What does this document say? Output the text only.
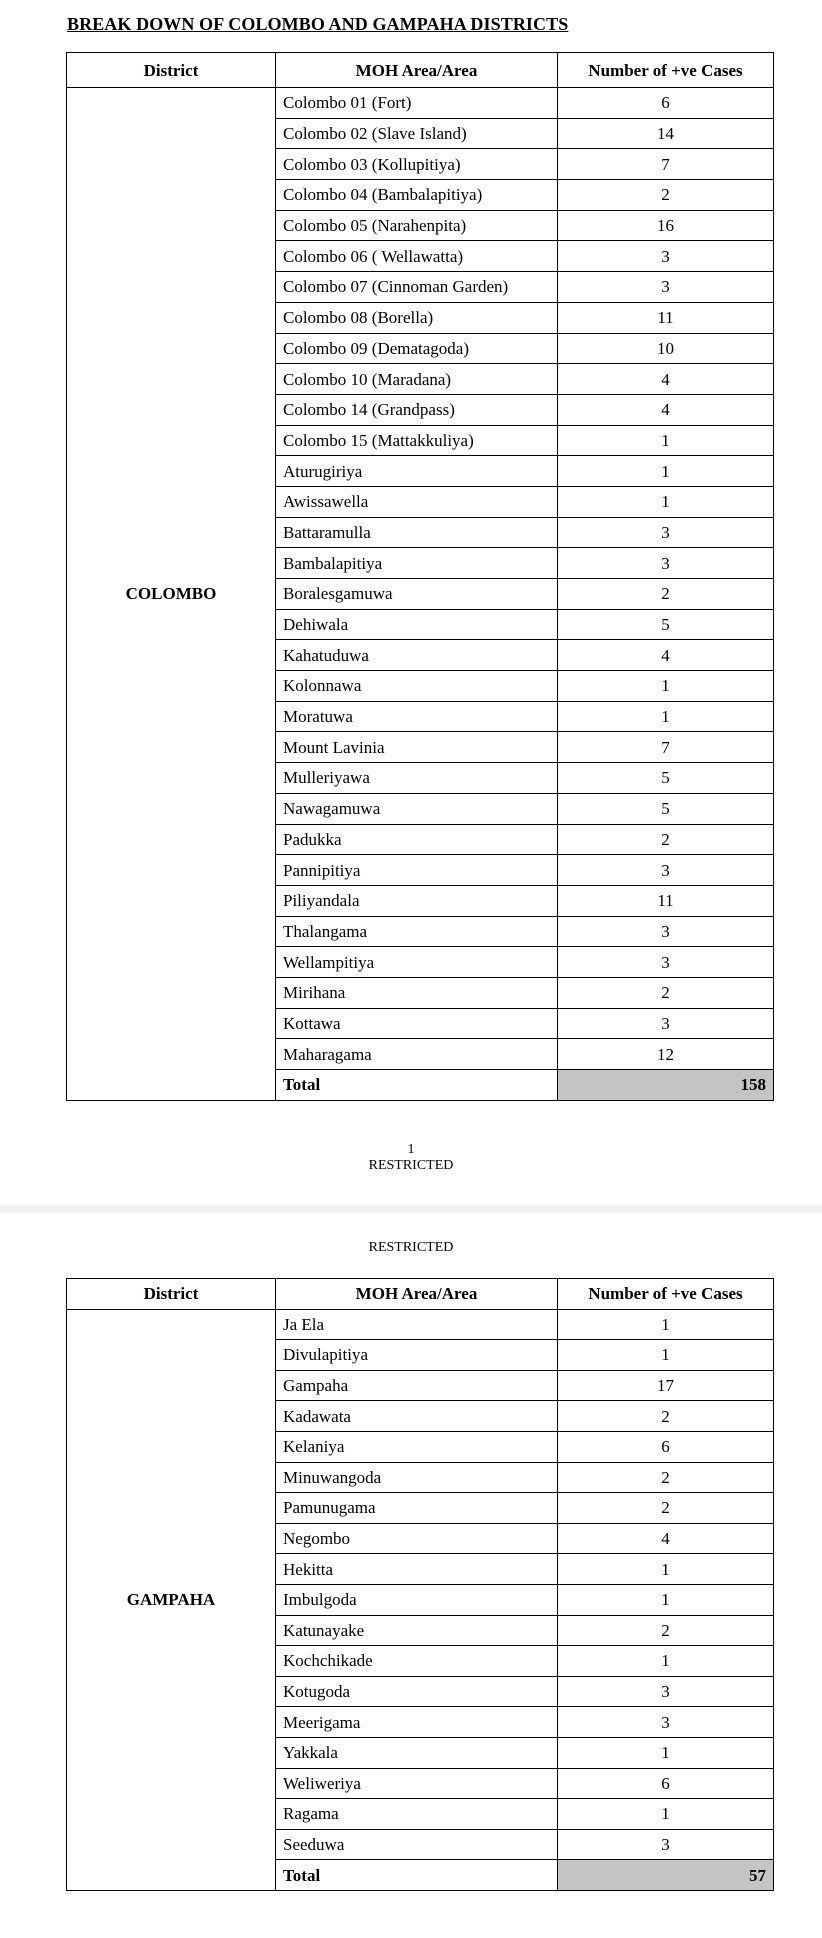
BREAK DOWN OF COLOMBO AND GAMPAHA DISTRICTS
District	MOH Area/Area	Number of +ve Cases
COLOMBO	Colombo 01 (Fort)	6
	Colombo 02 (Slave Island)	14
	Colombo 03 (Kollupitiya)	7
	Colombo 04 (Bambalapitiya)	2
	Colombo 05 (Narahenpita)	16
	Colombo 06 ( Wellawatta)	3
	Colombo 07 (Cinnoman Garden)	3
	Colombo 08 (Borella)	11
	Colombo 09 (Dematagoda)	10
	Colombo 10 (Maradana)	4
	Colombo 14 (Grandpass)	4
	Colombo 15 (Mattakkuliya)	1
	Aturugiriya	1
	Awissawella	1
	Battaramulla	3
	Bambalapitiya	3
	Boralesgamuwa	2
	Dehiwala	5
	Kahatuduwa	4
	Kolonnawa	1
	Moratuwa	1
	Mount Lavinia	7
	Mulleriyawa	5
	Nawagamuwa	5
	Padukka	2
	Pannipitiya	3
	Piliyandala	11
	Thalangama	3
	Wellampitiya	3
	Mirihana	2
	Kottawa	3
	Maharagama	12
	Total	158
1
RESTRICTED
RESTRICTED
District	MOH Area/Area	Number of +ve Cases
GAMPAHA	Ja Ela	1
	Divulapitiya	1
	Gampaha	17
	Kadawata	2
	Kelaniya	6
	Minuwangoda	2
	Pamunugama	2
	Negombo	4
	Hekitta	1
	Imbulgoda	1
	Katunayake	2
	Kochchikade	1
	Kotugoda	3
	Meerigama	3
	Yakkala	1
	Weliweriya	6
	Ragama	1
	Seeduwa	3
	Total	57
